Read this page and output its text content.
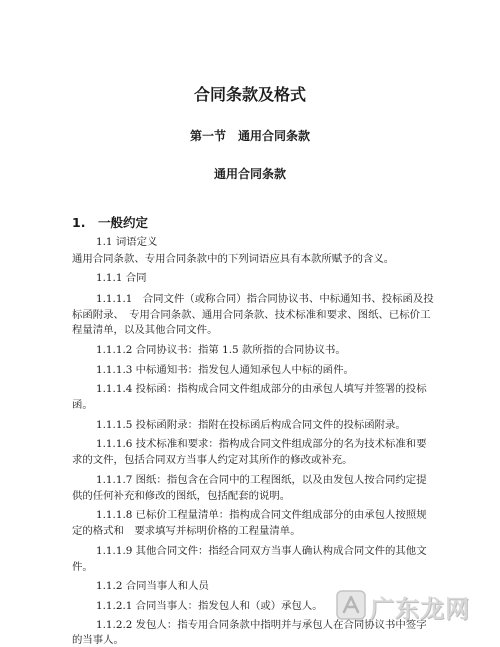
合同条款及格式
第一节　通用合同条款
通用合同条款
1.　一般约定
1.1 词语定义
通用合同条款、专用合同条款中的下列词语应具有本款所赋予的含义。
1.1.1 合同
1.1.1.1　合同文件（或称合同）指合同协议书、中标通知书、投标函及投
标函附录、　专用合同条款、通用合同条款、技术标准和要求、图纸、已标价工
程量清单，以及其他合同文件。
1.1.1.2 合同协议书：指第 1.5 款所指的合同协议书。
1.1.1.3 中标通知书：指发包人通知承包人中标的函件。
1.1.1.4 投标函：指构成合同文件组成部分的由承包人填写并签署的投标
函。
1.1.1.5 投标函附录：指附在投标函后构成合同文件的投标函附录。
1.1.1.6 技术标准和要求：指构成合同文件组成部分的名为技术标准和要
求的文件，包括合同双方当事人约定对其所作的修改或补充。
1.1.1.7 图纸：指包含在合同中的工程图纸，以及由发包人按合同约定提
供的任何补充和修改的图纸，包括配套的说明。
1.1.1.8 已标价工程量清单：指构成合同文件组成部分的由承包人按照规
定的格式和　要求填写并标明价格的工程量清单。
1.1.1.9 其他合同文件：指经合同双方当事人确认构成合同文件的其他文
件。
1.1.2 合同当事人和人员
1.1.2.1 合同当事人：指发包人和（或）承包人。
1.1.2.2 发包人：指专用合同条款中指明并与承包人在合同协议书中签字
的当事人。
广东龙网
